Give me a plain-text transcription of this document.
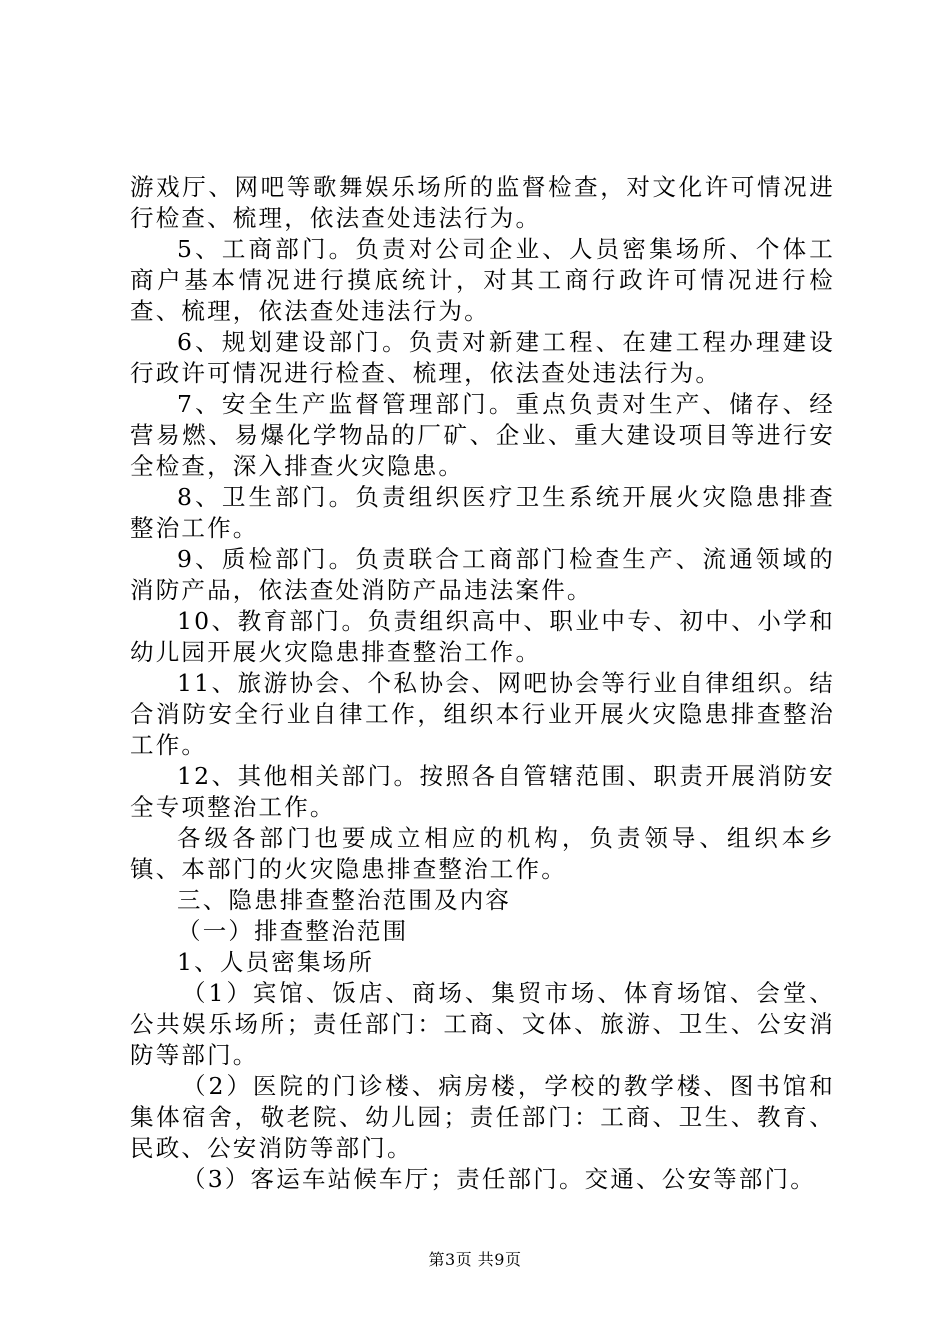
游戏厅、网吧等歌舞娱乐场所的监督检查，对文化许可情况进行检查、梳理，依法查处违法行为。

5、工商部门。负责对公司企业、人员密集场所、个体工商户基本情况进行摸底统计，对其工商行政许可情况进行检查、梳理，依法查处违法行为。

6、规划建设部门。负责对新建工程、在建工程办理建设行政许可情况进行检查、梳理，依法查处违法行为。

7、安全生产监督管理部门。重点负责对生产、储存、经营易燃、易爆化学物品的厂矿、企业、重大建设项目等进行安全检查，深入排查火灾隐患。

8、卫生部门。负责组织医疗卫生系统开展火灾隐患排查整治工作。

9、质检部门。负责联合工商部门检查生产、流通领域的消防产品，依法查处消防产品违法案件。

10、教育部门。负责组织高中、职业中专、初中、小学和幼儿园开展火灾隐患排查整治工作。

11、旅游协会、个私协会、网吧协会等行业自律组织。结合消防安全行业自律工作，组织本行业开展火灾隐患排查整治工作。

12、其他相关部门。按照各自管辖范围、职责开展消防安全专项整治工作。

各级各部门也要成立相应的机构，负责领导、组织本乡镇、本部门的火灾隐患排查整治工作。

三、隐患排查整治范围及内容

（一）排查整治范围

1、人员密集场所

（1）宾馆、饭店、商场、集贸市场、体育场馆、会堂、公共娱乐场所；责任部门：工商、文体、旅游、卫生、公安消防等部门。

（2）医院的门诊楼、病房楼，学校的教学楼、图书馆和集体宿舍，敬老院、幼儿园；责任部门：工商、卫生、教育、民政、公安消防等部门。

（3）客运车站候车厅；责任部门。交通、公安等部门。

第3页 共9页
